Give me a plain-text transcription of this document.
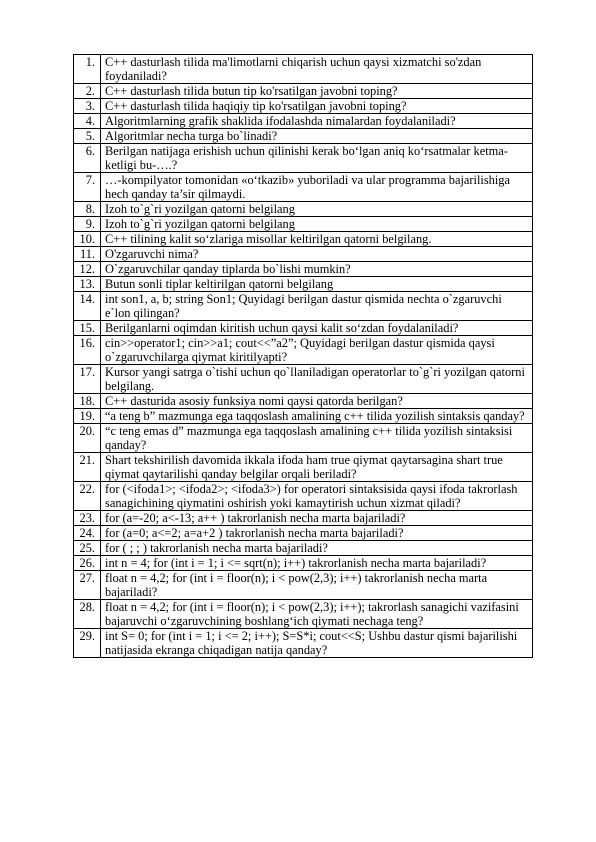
1.	C++ dasturlash tilida ma'limotlarni chiqarish uchun qaysi xizmatchi so'zdan foydaniladi?
2.	C++ dasturlash tilida butun tip ko'rsatilgan javobni toping?
3.	C++ dasturlash tilida haqiqiy tip ko'rsatilgan javobni toping?
4.	Algoritmlarning grafik shaklida ifodalashda nimalardan foydalaniladi?
5.	Algoritmlar necha turga bo`linadi?
6.	Berilgan natijaga erishish uchun qilinishi kerak bo‘lgan aniq ko‘rsatmalar ketma-ketligi bu-….?
7.	…-kompilyator tomonidan «o‘tkazib» yuboriladi va ular programma bajarilishiga hech qanday ta’sir qilmaydi.
8.	Izoh to`g`ri yozilgan qatorni belgilang
9.	Izoh to`g`ri yozilgan qatorni belgilang
10.	C++ tilining kalit so‘zlariga misollar keltirilgan qatorni belgilang.
11.	O'zgaruvchi nima?
12.	O`zgaruvchilar qanday tiplarda bo`lishi mumkin?
13.	Butun sonli tiplar keltirilgan qatorni belgilang
14.	int son1, a, b; string Son1; Quyidagi berilgan dastur qismida nechta o`zgaruvchi e`lon qilingan?
15.	Berilganlarni oqimdan kiritish uchun qaysi kalit so‘zdan foydalaniladi?
16.	cin>>operator1; cin>>a1; cout<<”a2”; Quyidagi berilgan dastur qismida qaysi o`zgaruvchilarga qiymat kiritilyapti?
17.	Kursor yangi satrga o`tishi uchun qo`llaniladigan operatorlar to`g`ri yozilgan qatorni belgilang.
18.	C++ dasturida asosiy funksiya nomi qaysi qatorda berilgan?
19.	“a teng b” mazmunga ega taqqoslash amalining c++ tilida yozilish sintaksis qanday?
20.	“c teng emas d” mazmunga ega taqqoslash amalining c++ tilida yozilish sintaksisi qanday?
21.	Shart tekshirilish davomida ikkala ifoda ham true qiymat qaytarsagina shart true qiymat qaytarilishi qanday belgilar orqali beriladi?
22.	for (<ifoda1>; <ifoda2>; <ifoda3>) for operatori sintaksisida qaysi ifoda takrorlash sanagichining qiymatini oshirish yoki kamaytirish uchun xizmat qiladi?
23.	for (a=-20; a<-13; a++ ) takrorlanish necha marta bajariladi?
24.	for (a=0; a<=2; a=a+2 ) takrorlanish necha marta bajariladi?
25.	for ( ; ; ) takrorlanish necha marta bajariladi?
26.	int n = 4; for (int i = 1; i <= sqrt(n); i++) takrorlanish necha marta bajariladi?
27.	float n = 4,2; for (int i = floor(n); i < pow(2,3); i++) takrorlanish necha marta bajariladi?
28.	float n = 4,2; for (int i = floor(n); i < pow(2,3); i++); takrorlash sanagichi vazifasini bajaruvchi o‘zgaruvchining boshlang‘ich qiymati nechaga teng?
29.	int S= 0; for (int i = 1; i <= 2; i++); S=S*i; cout<<S; Ushbu dastur qismi bajarilishi natijasida ekranga chiqadigan natija qanday?
